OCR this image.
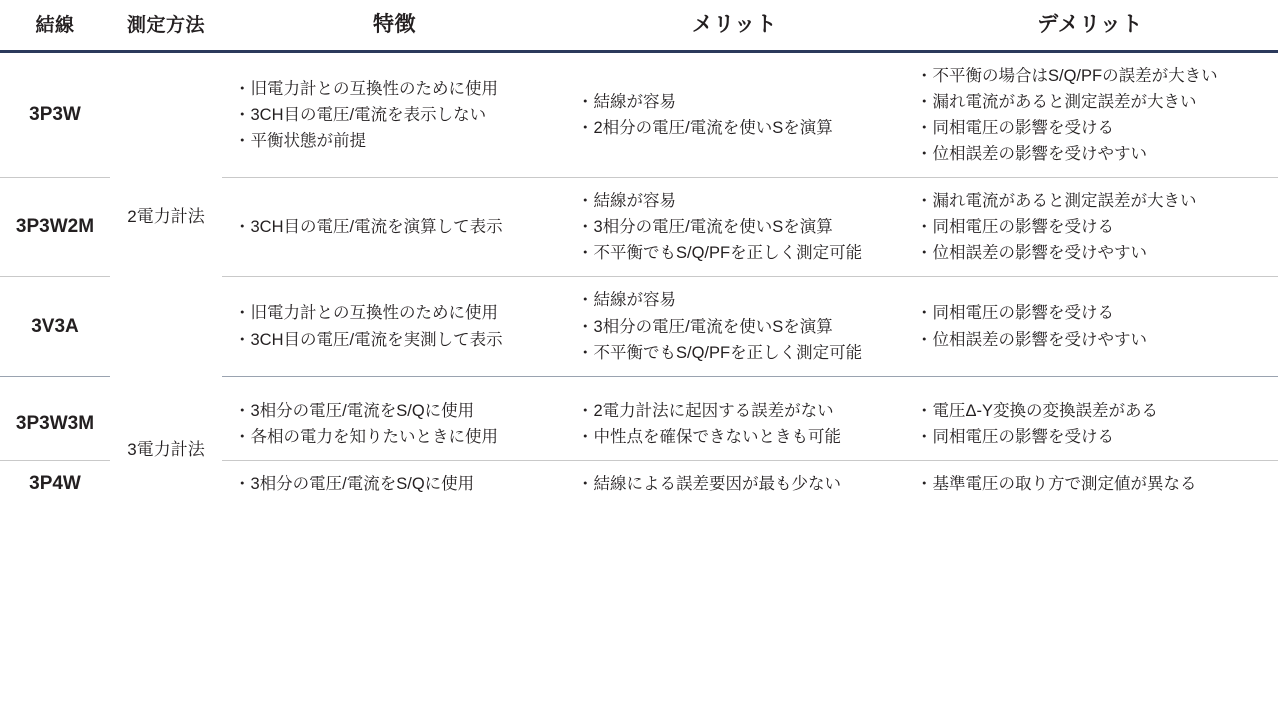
結線	測定方法	特徴	メリット	デメリット
3P3W	2電力計法	
・ 旧電力計との互換性のために使用
・ 3CH目の電圧/電流を表示しない
・ 平衡状態が前提

・ 結線が容易
・ 2相分の電圧/電流を使いSを演算

・ 不平衡の場合はS/Q/PFの誤差が大きい
・ 漏れ電流があると測定誤差が大きい
・ 同相電圧の影響を受ける
・ 位相誤差の影響を受けやすい

3P3W2M	
・3CH目の電圧/電流を演算して表示

・ 結線が容易
・ 3相分の電圧/電流を使いSを演算
・ 不平衡でもS/Q/PFを正しく測定可能

・ 漏れ電流があると測定誤差が大きい
・ 同相電圧の影響を受ける
・ 位相誤差の影響を受けやすい

3V3A	
・ 旧電力計との互換性のために使用
・ 3CH目の電圧/電流を実測して表示

・ 結線が容易
・ 3相分の電圧/電流を使いSを演算
・ 不平衡でもS/Q/PFを正しく測定可能

・ 同相電圧の影響を受ける
・ 位相誤差の影響を受けやすい

3P3W3M	3電力計法	
・ 3相分の電圧/電流をS/Qに使用
・ 各相の電力を知りたいときに使用

・ 2電力計法に起因する誤差がない
・ 中性点を確保できないときも可能

・ 電圧Δ-Y変換の変換誤差がある
・ 同相電圧の影響を受ける

3P4W	
・3相分の電圧/電流をS/Qに使用

・結線による誤差要因が最も少ない

・基準電圧の取り方で測定値が異なる
